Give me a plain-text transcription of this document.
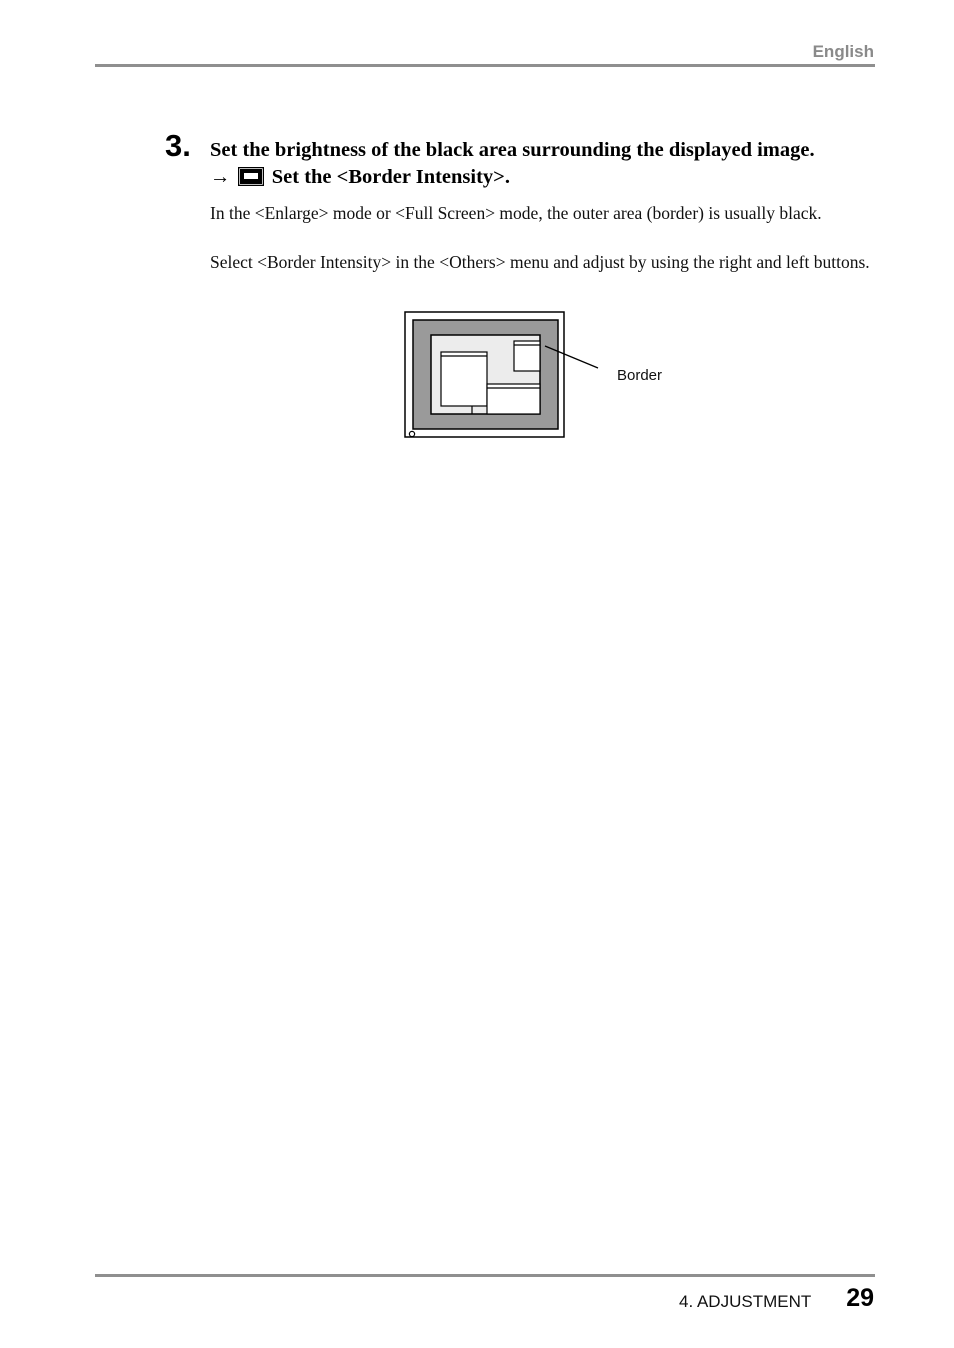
English
3. Set the brightness of the black area surrounding the displayed image.
→ Set the <Border Intensity>.
In the <Enlarge> mode or <Full Screen> mode, the outer area (border) is usually black.
Select <Border Intensity> in the <Others> menu and adjust by using the right and left buttons.
Border
4. ADJUSTMENT 29
